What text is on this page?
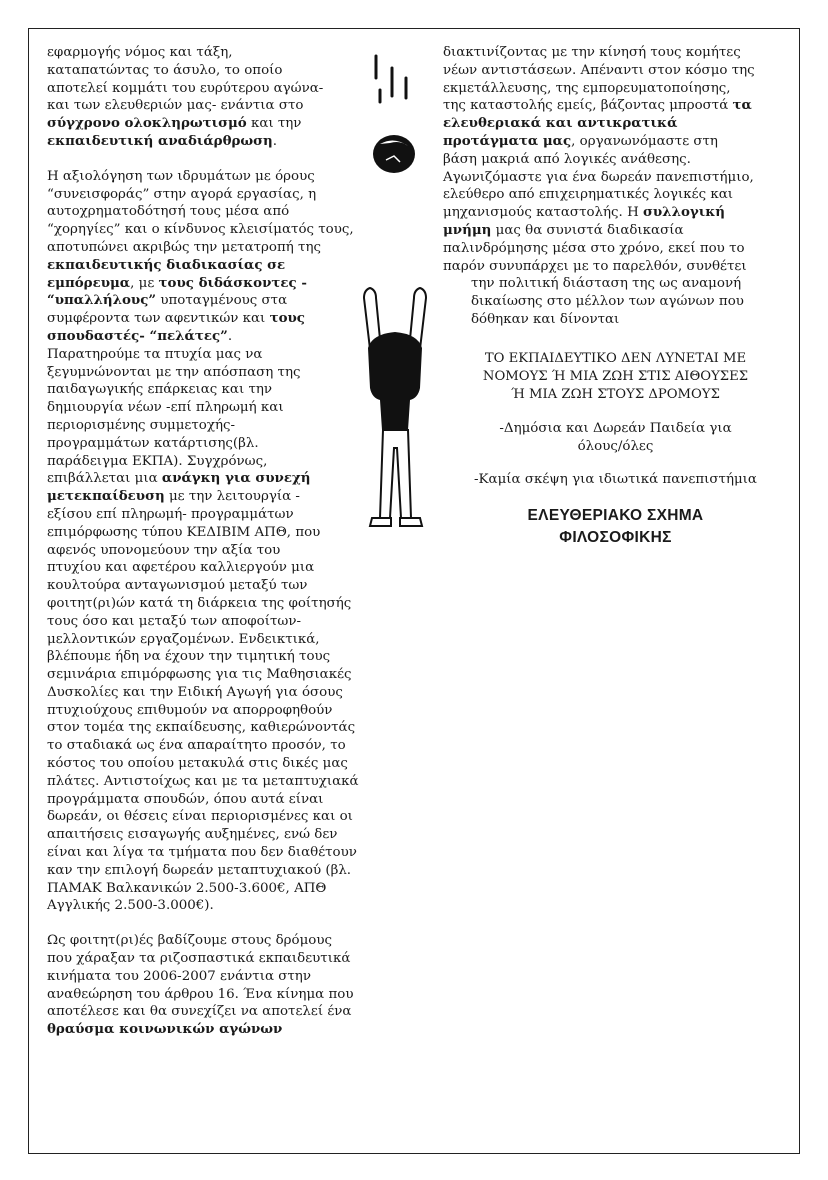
εφαρμογής νόμος και τάξη,
καταπατώντας το άσυλο, το οποίο
αποτελεί κομμάτι του ευρύτερου αγώνα-
και των ελευθεριών μας- ενάντια στο
σύγχρονο ολοκληρωτισμό και την
εκπαιδευτική αναδιάρθρωση.

Η αξιολόγηση των ιδρυμάτων με όρους
“συνεισφοράς” στην αγορά εργασίας, η
αυτοχρηματοδότησή τους μέσα από
“χορηγίες” και ο κίνδυνος κλεισίματός τους,
αποτυπώνει ακριβώς την μετατροπή της
εκπαιδευτικής διαδικασίας σε
εμπόρευμα, με τους διδάσκοντες -
“υπαλλήλους” υποταγμένους στα
συμφέροντα των αφεντικών και τους
σπουδαστές- “πελάτες”.
Παρατηρούμε τα πτυχία μας να
ξεγυμνώνονται με την απόσπαση της
παιδαγωγικής επάρκειας και την
δημιουργία νέων -επί πληρωμή και
περιορισμένης συμμετοχής-
προγραμμάτων κατάρτισης(βλ.
παράδειγμα ΕΚΠΑ). Συγχρόνως,
επιβάλλεται μια ανάγκη για συνεχή
μετεκπαίδευση με την λειτουργία -
εξίσου επί πληρωμή- προγραμμάτων
επιμόρφωσης τύπου ΚΕΔΙΒΙΜ ΑΠΘ, που
αφενός υπονομεύουν την αξία του
πτυχίου και αφετέρου καλλιεργούν μια
κουλτούρα ανταγωνισμού μεταξύ των
φοιτητ(ρι)ών κατά τη διάρκεια της φοίτησής
τους όσο και μεταξύ των αποφοίτων-
μελλοντικών εργαζομένων. Ενδεικτικά,
βλέπουμε ήδη να έχουν την τιμητική τους
σεμινάρια επιμόρφωσης για τις Μαθησιακές
Δυσκολίες και την Ειδική Αγωγή για όσους
πτυχιούχους επιθυμούν να απορροφηθούν
στον τομέα της εκπαίδευσης, καθιερώνοντάς
το σταδιακά ως ένα απαραίτητο προσόν, το
κόστος του οποίου μετακυλά στις δικές μας
πλάτες. Αντιστοίχως και με τα μεταπτυχιακά
προγράμματα σπουδών, όπου αυτά είναι
δωρεάν, οι θέσεις είναι περιορισμένες και οι
απαιτήσεις εισαγωγής αυξημένες, ενώ δεν
είναι και λίγα τα τμήματα που δεν διαθέτουν
καν την επιλογή δωρεάν μεταπτυχιακού (βλ.
ΠΑΜΑΚ Βαλκανικών 2.500-3.600€, ΑΠΘ
Αγγλικής 2.500-3.000€).

Ως φοιτητ(ρι)ές βαδίζουμε στους δρόμους
που χάραξαν τα ριζοσπαστικά εκπαιδευτικά
κινήματα του 2006-2007 ενάντια στην
αναθεώρηση του άρθρου 16. Ένα κίνημα που
αποτέλεσε και θα συνεχίζει να αποτελεί ένα
θραύσμα κοινωνικών αγώνων

διακτινίζοντας με την κίνησή τους κομήτες
νέων αντιστάσεων. Απέναντι στον κόσμο της
εκμετάλλευσης, της εμπορευματοποίησης,
της καταστολής εμείς, βάζοντας μπροστά τα
ελευθεριακά και αντικρατικά
προτάγματα μας, οργανωνόμαστε στη
βάση μακριά από λογικές ανάθεσης.
Αγωνιζόμαστε για ένα δωρεάν πανεπιστήμιο,
ελεύθερο από επιχειρηματικές λογικές και
μηχανισμούς καταστολής. Η συλλογική
μνήμη μας θα συνιστά διαδικασία
παλινδρόμησης μέσα στο χρόνο, εκεί που το
παρόν συνυπάρχει με το παρελθόν, συνθέτει

την πολιτική διάσταση της ως αναμονή
δικαίωσης στο μέλλον των αγώνων που
δόθηκαν και δίνονται

ΤΟ ΕΚΠΑΙΔΕΥΤΙΚΟ ΔΕΝ ΛΥΝΕΤΑΙ ΜΕ
ΝΟΜΟΥΣ Ή ΜΙΑ ΖΩΗ ΣΤΙΣ ΑΙΘΟΥΣΕΣ
Ή ΜΙΑ ΖΩΗ ΣΤΟΥΣ ΔΡΟΜΟΥΣ

-Δημόσια και Δωρεάν Παιδεία για
όλους/όλες

-Καμία σκέψη για ιδιωτικά πανεπιστήμια

ΕΛΕΥΘΕΡΙΑΚΟ ΣΧΗΜΑ
ΦΙΛΟΣΟΦΙΚΗΣ
